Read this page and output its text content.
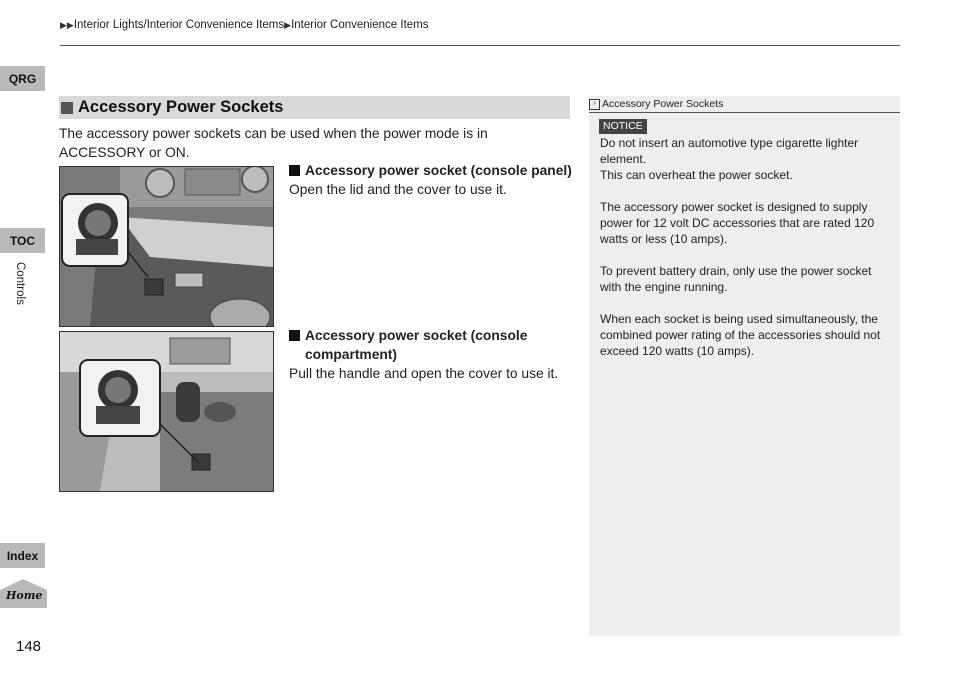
▶▶Interior Lights/Interior Convenience Items▶Interior Convenience Items
QRG
TOC
Controls
Index
Home
148
Accessory Power Sockets
The accessory power sockets can be used when the power mode is in ACCESSORY or ON.
Accessory power socket (console panel)
Open the lid and the cover to use it.
Accessory power socket (console compartment)
Pull the handle and open the cover to use it.
› Accessory Power Sockets
NOTICE

Do not insert an automotive type cigarette lighter element.
This can overheat the power socket.

The accessory power socket is designed to supply power for 12 volt DC accessories that are rated 120 watts or less (10 amps).

To prevent battery drain, only use the power socket with the engine running.

When each socket is being used simultaneously, the combined power rating of the accessories should not exceed 120 watts (10 amps).
